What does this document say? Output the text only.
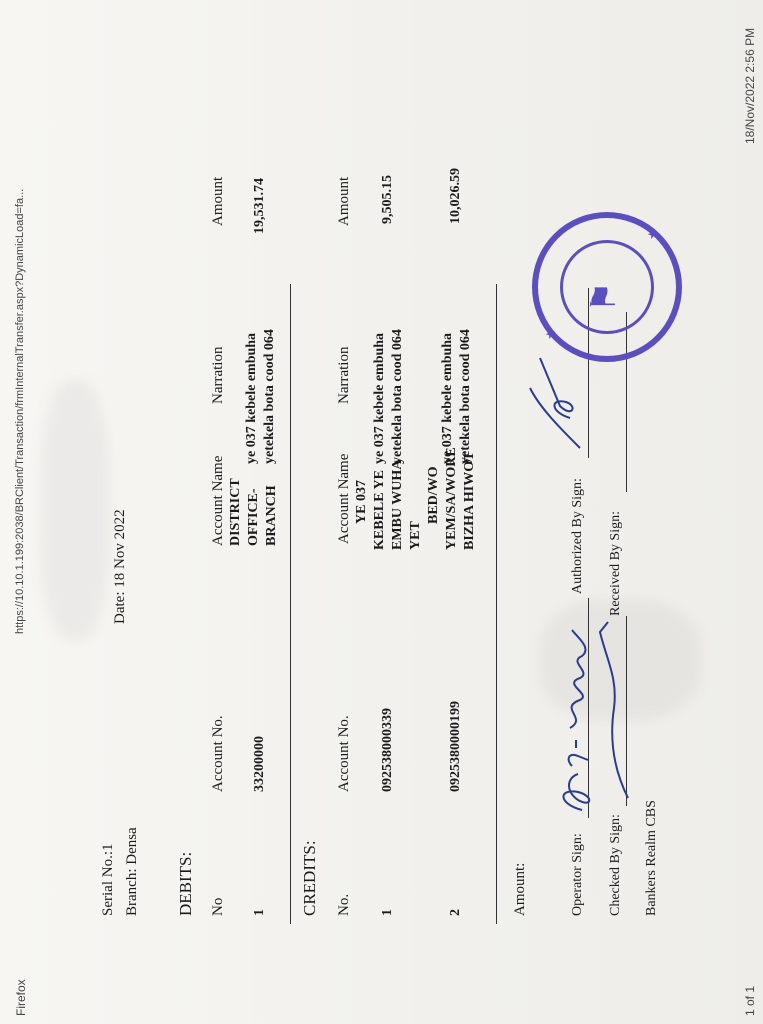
Firefox
https://10.10.1.199:2038/BRClient/Transaction/frmInternalTransfer.aspx?DynamicLoad=fa...
1 of 1
18/Nov/2022 2:56 PM
Serial No.:1 Branch: Densa
Date: 18 Nov 2022
DEBITS: No
Account No.
Account Name
Narration
Amount
1
33200000
DISTRICT OFFICE- BRANCH
ye 037 kebele embuha yetekela bota cood 064
19,531.74
CREDITS: No.
Account No.
Account Name
Narration
Amount
1
092538000339
YE 037 KEBELE YE EMBU WUHA YET
ye 037 kebele embuha yetekela bota cood 064
9,505.15
2
0925380000199
BED/WO YEM/SA/WORE BIZHA HIWOT
ye 037 kebele embuha yetekela bota cood 064
10,026.59
Amount:	Operator Sign:
Authorized By Sign:
Checked By Sign:
Received By Sign:
Bankers Realm CBS
⚑
★
★
